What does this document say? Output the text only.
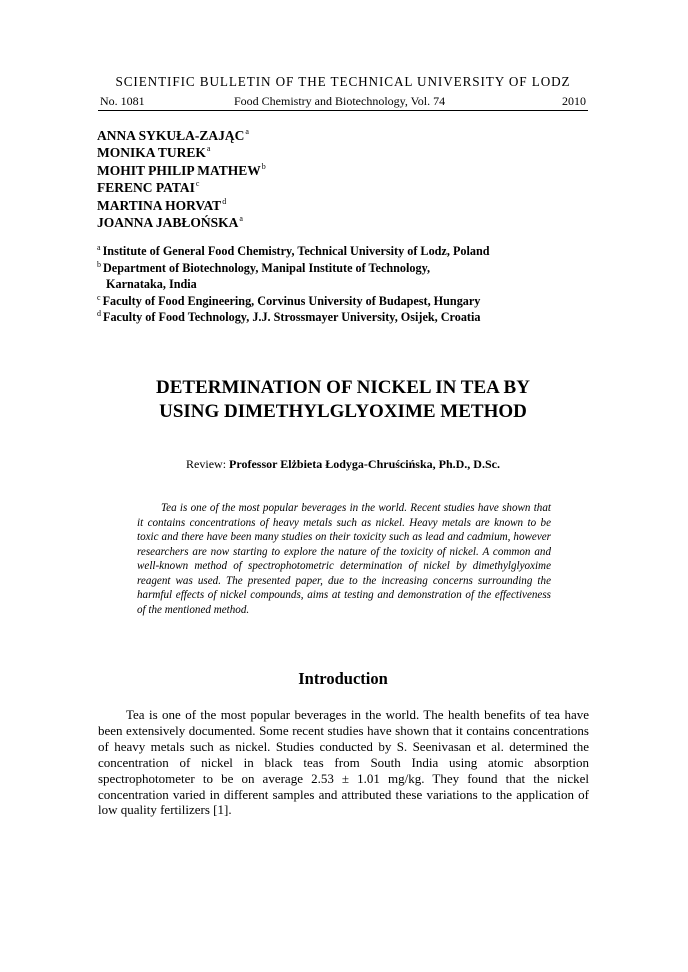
SCIENTIFIC BULLETIN OF THE TECHNICAL UNIVERSITY OF LODZ
No. 1081	Food Chemistry and Biotechnology, Vol. 74	2010
ANNA SYKUŁA-ZAJĄC$^a$
MONIKA TUREK$^a$
MOHIT PHILIP MATHEW$^b$
FERENC PATAI$^c$
MARTINA HORVAT$^d$
JOANNA JABŁOŃSKA$^a$
$^a$ Institute of General Food Chemistry, Technical University of Lodz, Poland
$^b$ Department of Biotechnology, Manipal Institute of Technology,
Karnataka, India
$^c$ Faculty of Food Engineering, Corvinus University of Budapest, Hungary
$^d$ Faculty of Food Technology, J.J. Strossmayer University, Osijek, Croatia
DETERMINATION OF NICKEL IN TEA BY
USING DIMETHYLGLYOXIME METHOD
Review: Professor Elżbieta Łodyga-Chruścińska, Ph.D., D.Sc.

Tea is one of the most popular beverages in the world. Recent studies have shown that it contains concentrations of heavy metals such as nickel. Heavy metals are known to be toxic and there have been many studies on their toxicity such as lead and cadmium, however researchers are now starting to explore the nature of the toxicity of nickel. A common and well-known method of spectrophotometric determination of nickel by dimethylglyoxime reagent was used. The presented paper, due to the increasing concerns surrounding the harmful effects of nickel compounds, aims at testing and demonstration of the effectiveness of the mentioned method.

Introduction

Tea is one of the most popular beverages in the world. The health benefits of tea have been extensively documented. Some recent studies have shown that it contains concentrations of heavy metals such as nickel. Studies conducted by S. Seenivasan et al. determined the concentration of nickel in black teas from South India using atomic absorption spectrophotometer to be on average 2.53 ± 1.01 mg/kg. They found that the nickel concentration varied in different samples and attributed these variations to the application of low quality fertilizers [1].
